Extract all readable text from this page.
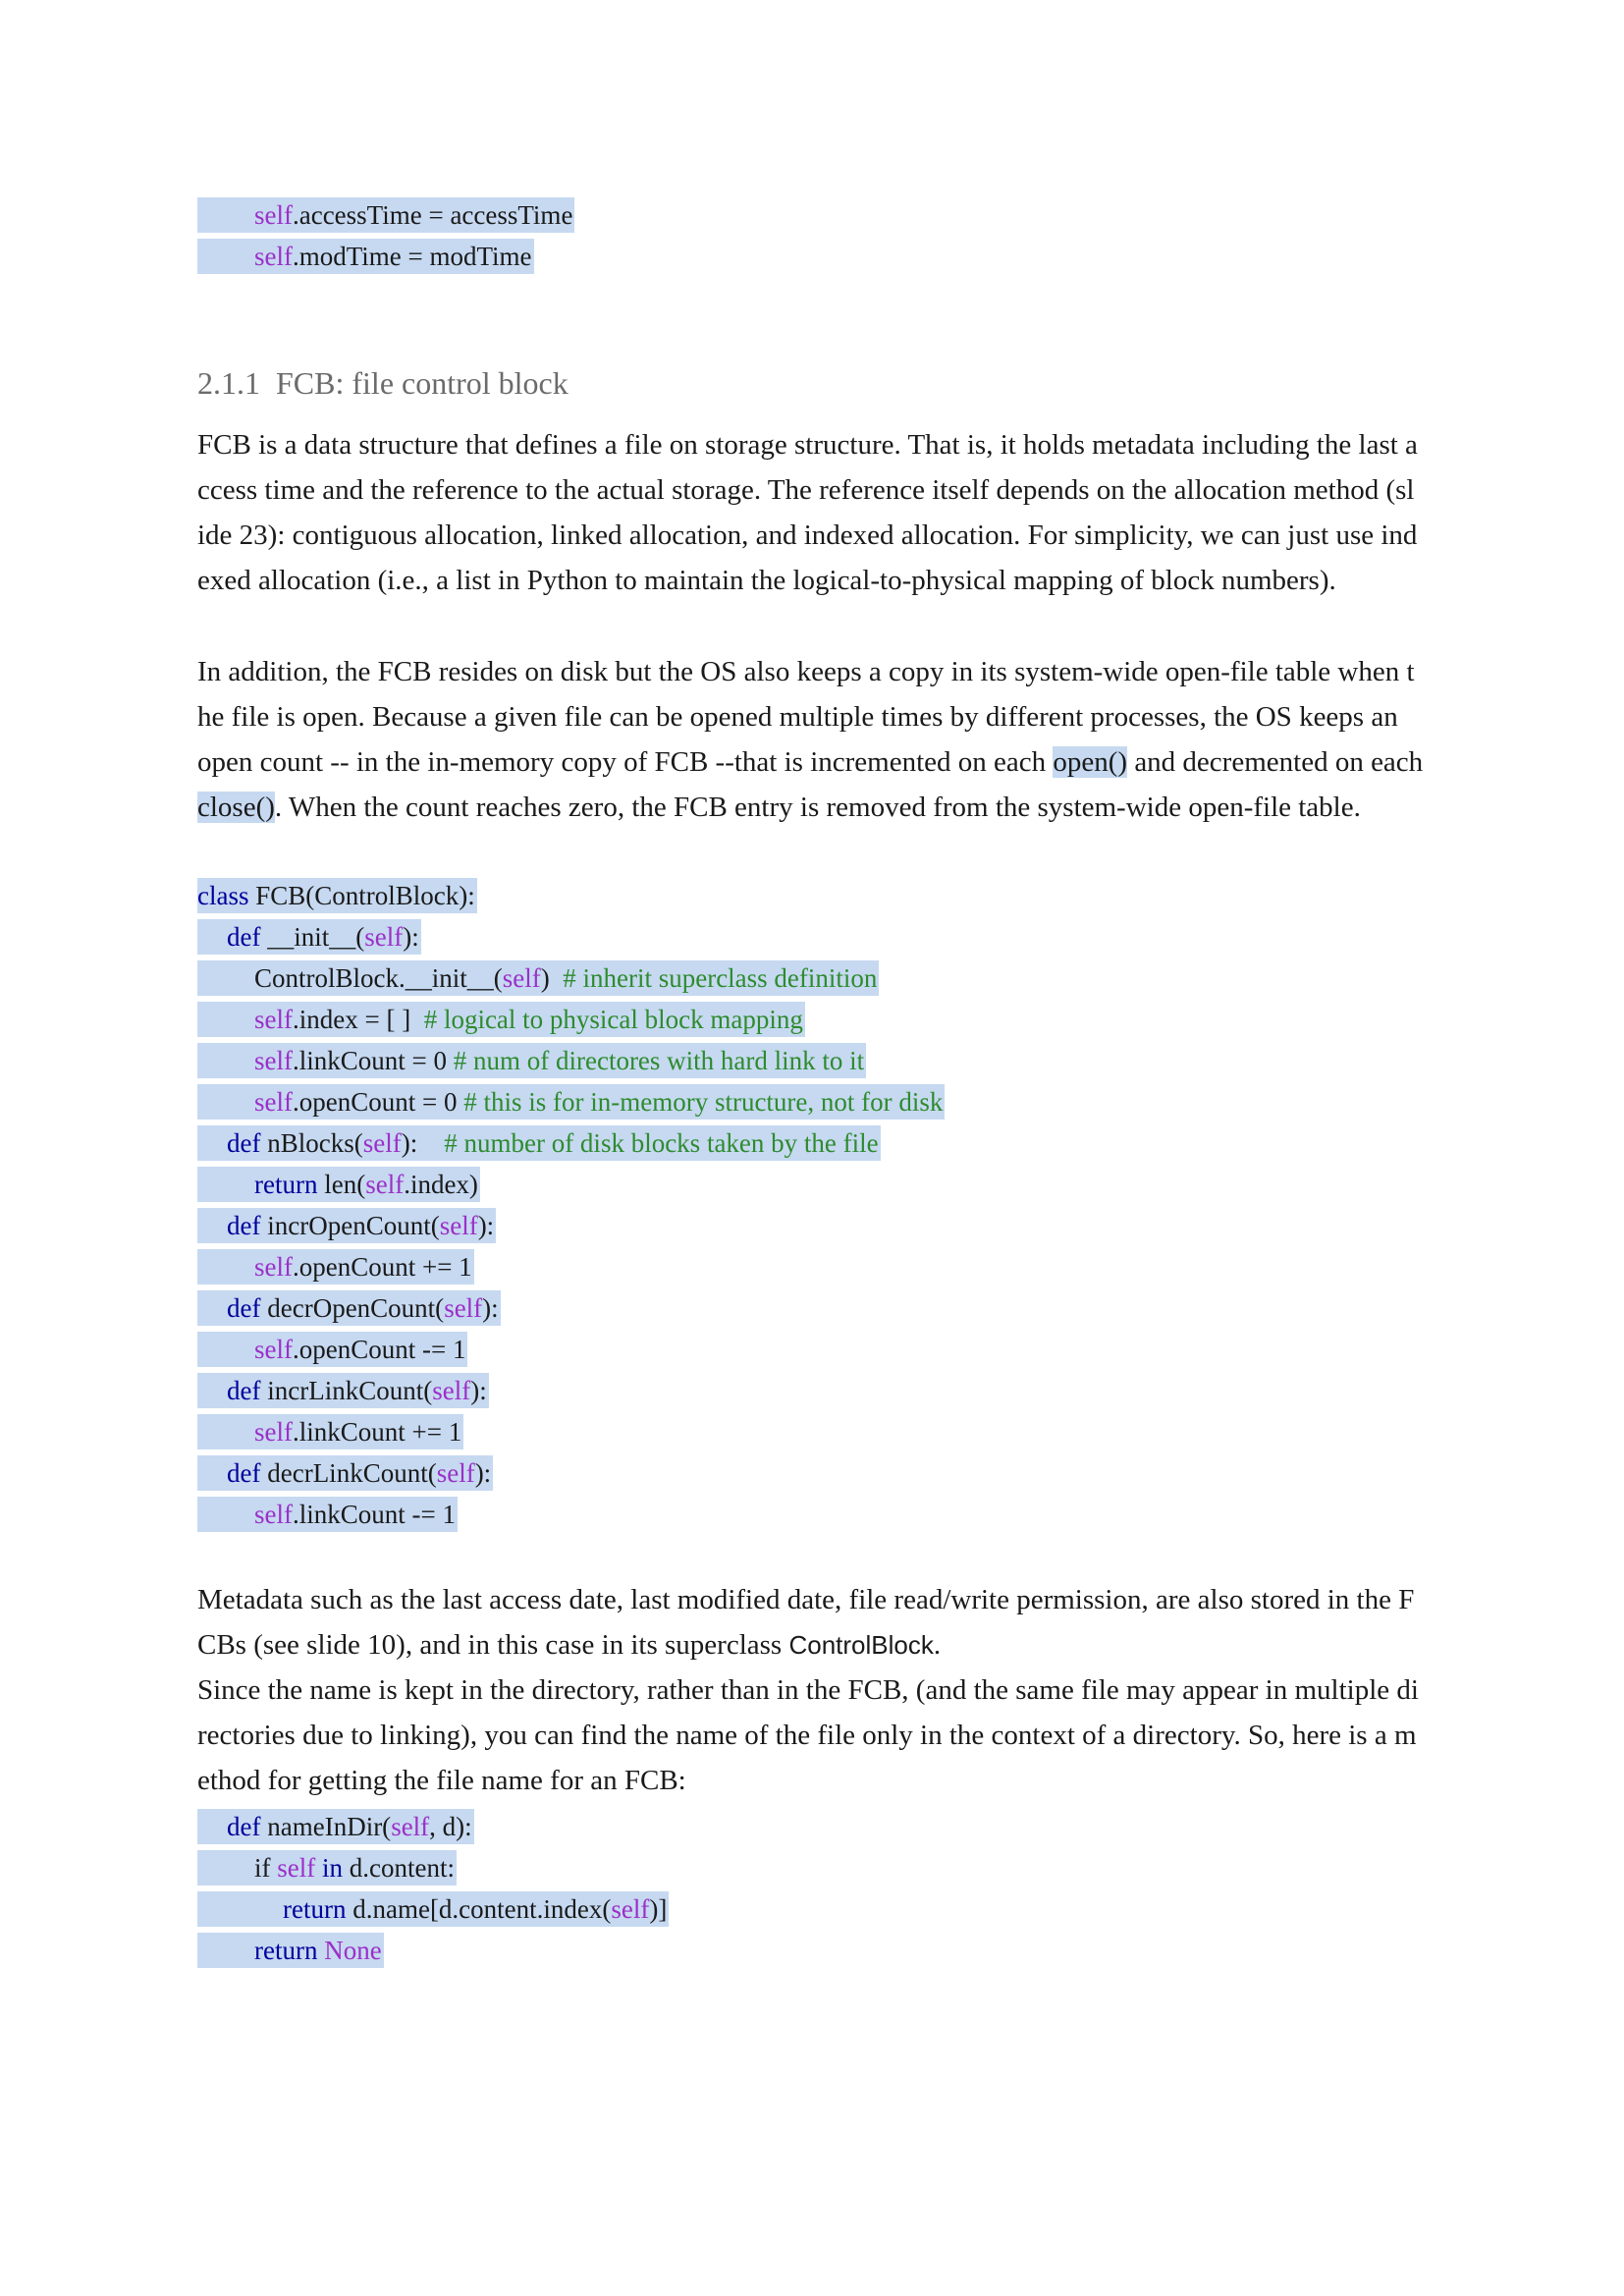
self.accessTime = accessTime
self.modTime = modTime
2.1.1 FCB: file control block

FCB is a data structure that defines a file on storage structure. That is, it holds metadata including the last a
ccess time and the reference to the actual storage. The reference itself depends on the allocation method (sl
ide 23): contiguous allocation, linked allocation, and indexed allocation. For simplicity, we can just use ind
exed allocation (i.e., a list in Python to maintain the logical-to-physical mapping of block numbers).

In addition, the FCB resides on disk but the OS also keeps a copy in its system-wide open-file table when t
he file is open. Because a given file can be opened multiple times by different processes, the OS keeps an
open count -- in the in-memory copy of FCB --that is incremented on each open() and decremented on each
close(). When the count reaches zero, the FCB entry is removed from the system-wide open-file table.

class FCB(ControlBlock):
def __init__(self):
ControlBlock.__init__(self)  # inherit superclass definition
self.index = [ ]  # logical to physical block mapping
self.linkCount = 0 # num of directores with hard link to it
self.openCount = 0 # this is for in-memory structure, not for disk
def nBlocks(self):    # number of disk blocks taken by the file
return len(self.index)
def incrOpenCount(self):
self.openCount += 1
def decrOpenCount(self):
self.openCount -= 1
def incrLinkCount(self):
self.linkCount += 1
def decrLinkCount(self):
self.linkCount -= 1

Metadata such as the last access date, last modified date, file read/write permission, are also stored in the F
CBs (see slide 10), and in this case in its superclass ControlBlock.
Since the name is kept in the directory, rather than in the FCB, (and the same file may appear in multiple di
rectories due to linking), you can find the name of the file only in the context of a directory. So, here is a m
ethod for getting the file name for an FCB:

def nameInDir(self, d):
if self in d.content:
return d.name[d.content.index(self)]
return None
